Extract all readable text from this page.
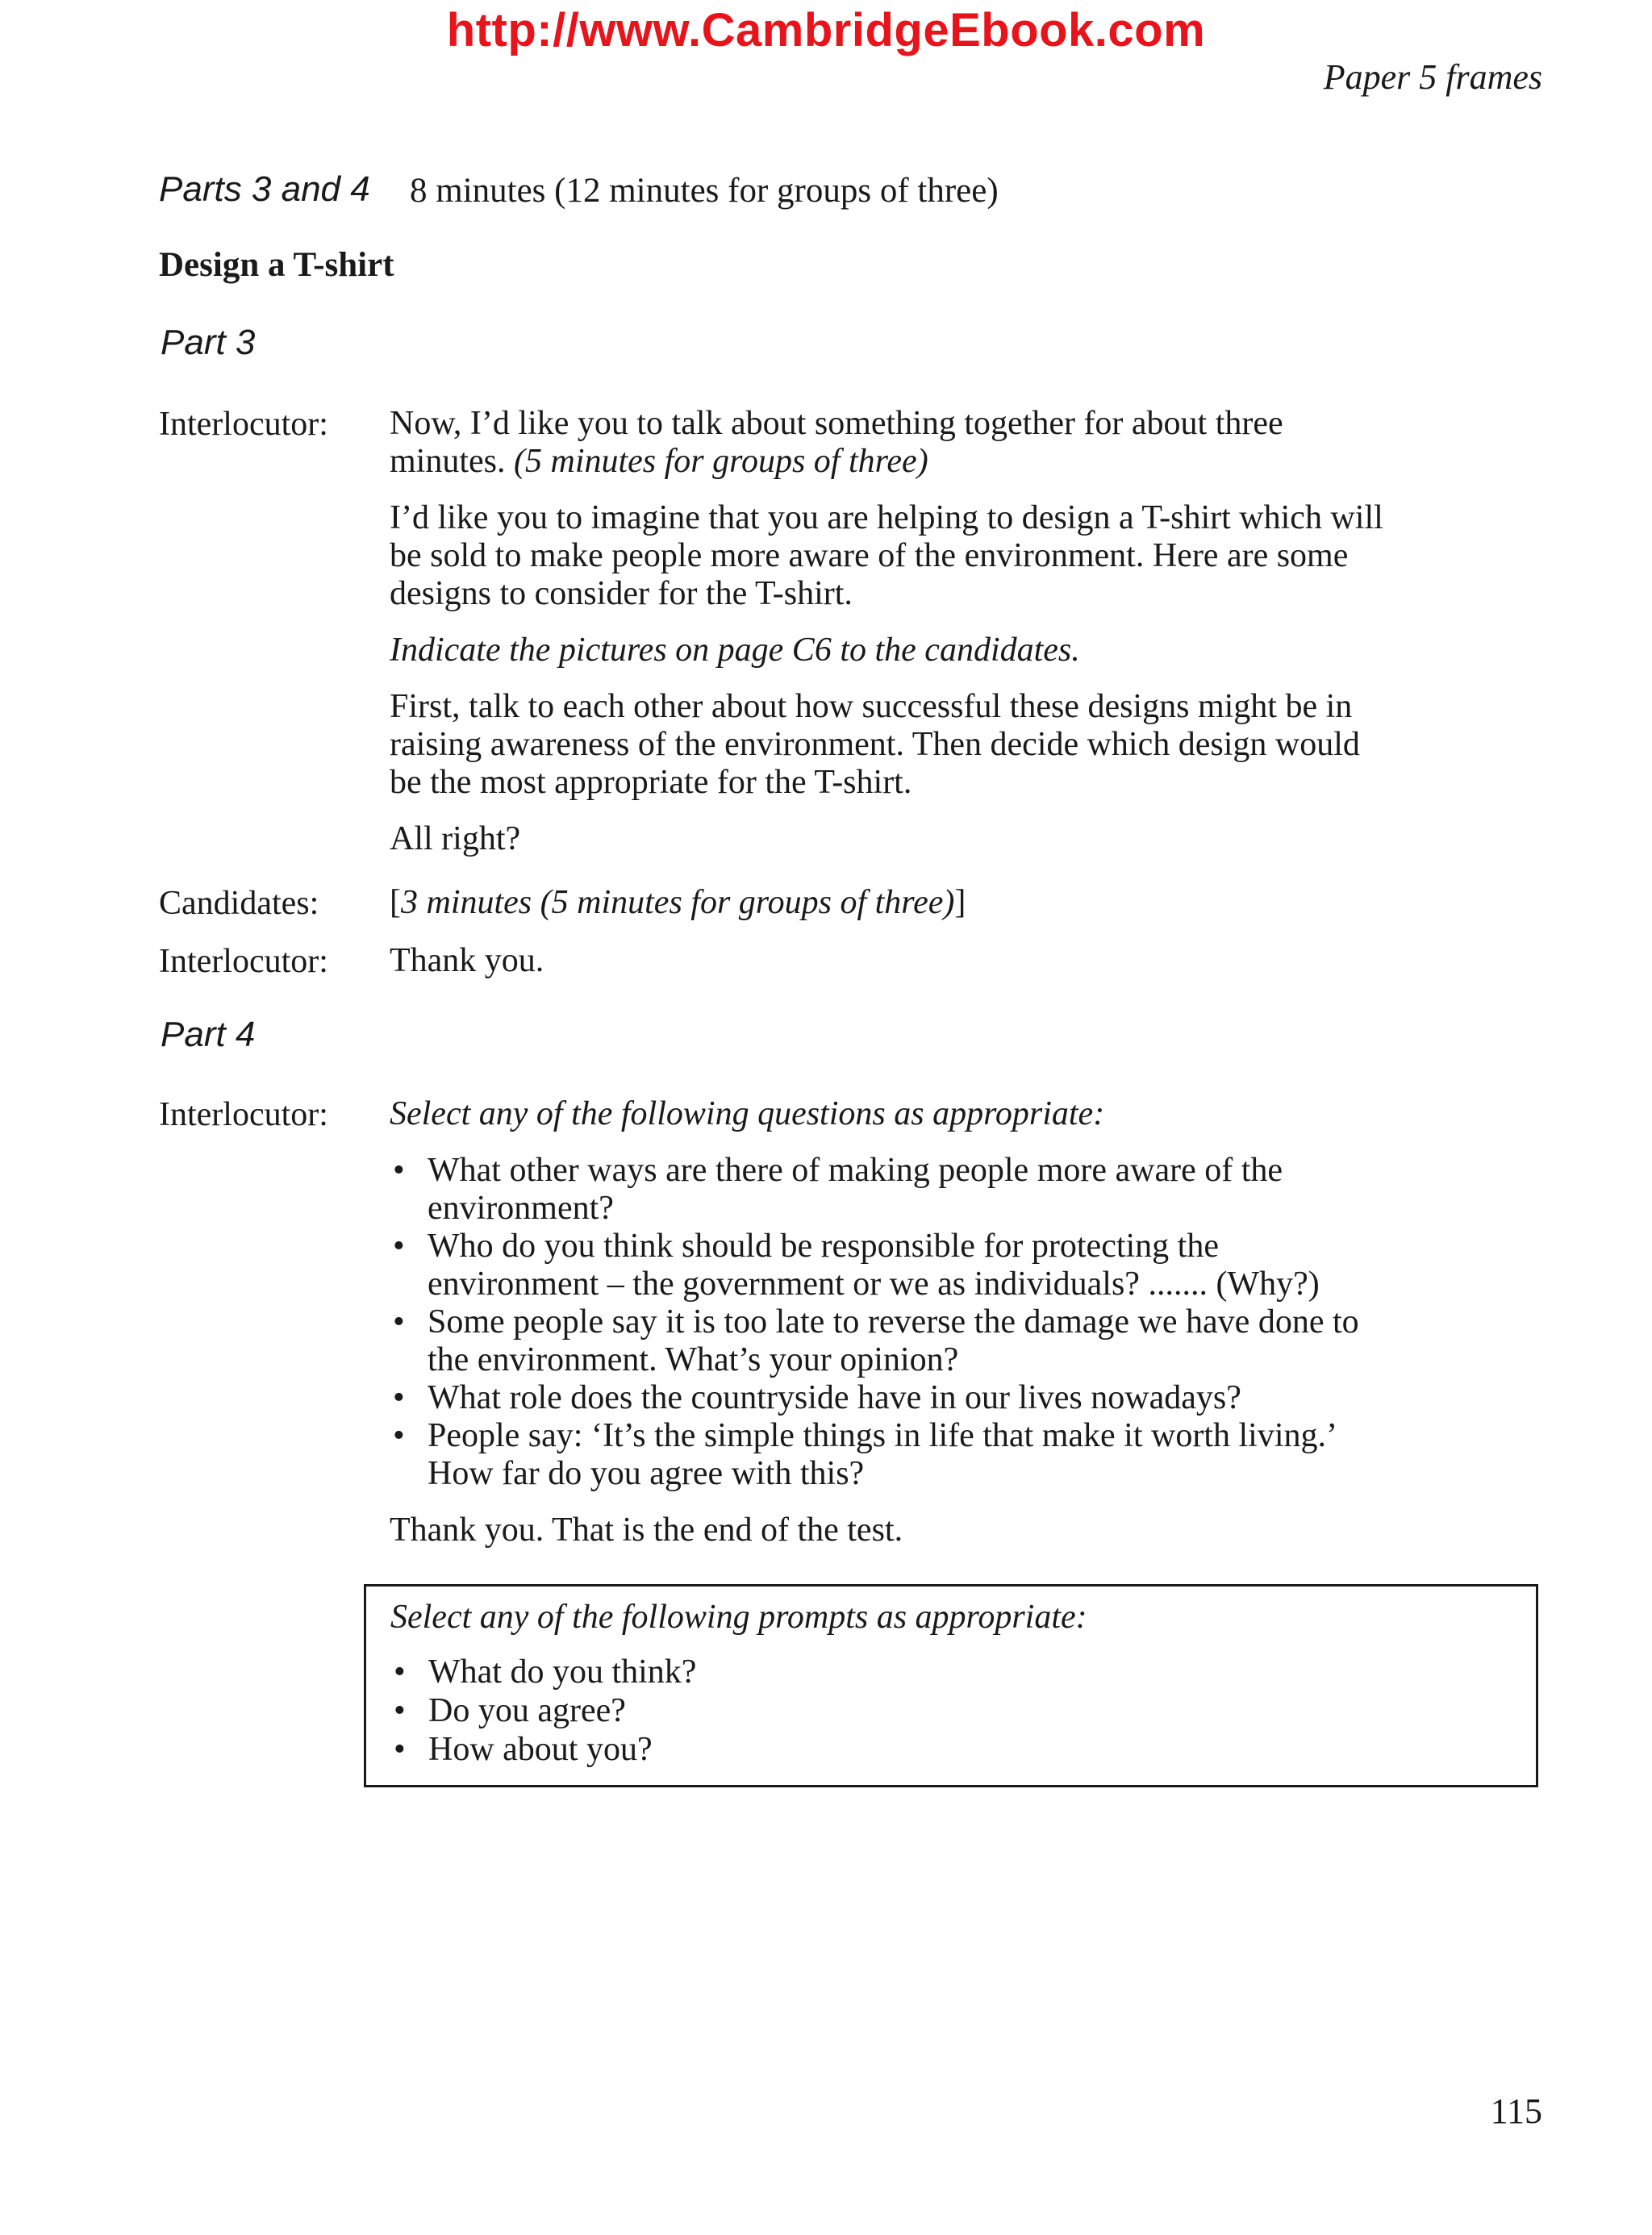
http://www.CambridgeEbook.com
Paper 5 frames
Parts 3 and 4 8 minutes (12 minutes for groups of three)
Design a T-shirt
Part 3
Interlocutor: Now, I’d like you to talk about something together for about three minutes. (5 minutes for groups of three)
I’d like you to imagine that you are helping to design a T-shirt which will be sold to make people more aware of the environment. Here are some designs to consider for the T-shirt.
Indicate the pictures on page C6 to the candidates.
First, talk to each other about how successful these designs might be in raising awareness of the environment. Then decide which design would be the most appropriate for the T-shirt.
All right?
Candidates: [3 minutes (5 minutes for groups of three)]
Interlocutor: Thank you.
Part 4
Interlocutor: Select any of the following questions as appropriate:
• What other ways are there of making people more aware of the environment?
• Who do you think should be responsible for protecting the environment – the government or we as individuals? ....... (Why?)
• Some people say it is too late to reverse the damage we have done to the environment. What’s your opinion?
• What role does the countryside have in our lives nowadays?
• People say: ‘It’s the simple things in life that make it worth living.’ How far do you agree with this?
Thank you. That is the end of the test.
Select any of the following prompts as appropriate:
• What do you think?
• Do you agree?
• How about you?
115
